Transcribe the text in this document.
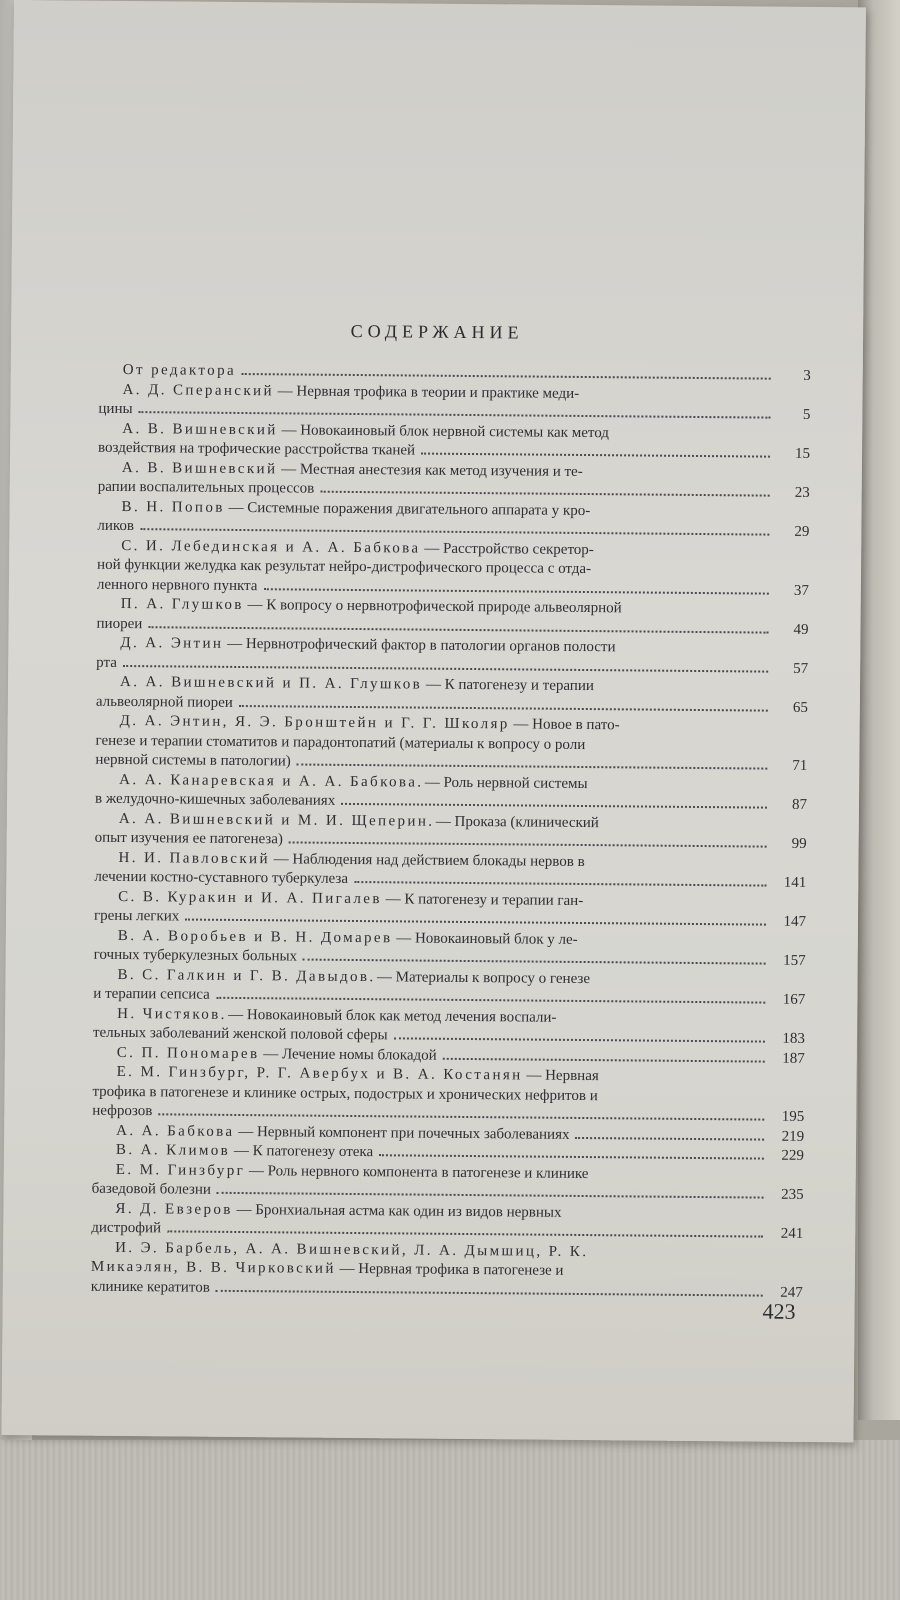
СОДЕРЖАНИЕ
От редактора	3
А. Д. Сперанский — Нервная трофика в теории и практике меди-
цины	5
А. В. Вишневский — Новокаиновый блок нервной системы как метод
воздействия на трофические расстройства тканей	15
А. В. Вишневский — Местная анестезия как метод изучения и те-
рапии воспалительных процессов	23
В. Н. Попов — Системные поражения двигательного аппарата у кро-
ликов	29
С. И. Лебединская и А. А. Бабкова — Расстройство секретор-
ной функции желудка как результат нейро-дистрофического процесса с отда-
ленного нервного пункта	37
П. А. Глушков — К вопросу о нервнотрофической природе альвеолярной
пиореи	49
Д. А. Энтин — Нервнотрофический фактор в патологии органов полости
рта	57
А. А. Вишневский и П. А. Глушков — К патогенезу и терапии
альвеолярной пиореи	65
Д. А. Энтин, Я. Э. Бронштейн и Г. Г. Школяр — Новое в пато-
генезе и терапии стоматитов и парадонтопатий (материалы к вопросу о роли
нервной системы в патологии)	71
А. А. Канаревская и А. А. Бабкова. — Роль нервной системы
в желудочно-кишечных заболеваниях	87
А. А. Вишневский и М. И. Щеперин. — Проказа (клинический
опыт изучения ее патогенеза)	99
Н. И. Павловский — Наблюдения над действием блокады нервов в
лечении костно-суставного туберкулеза	141
С. В. Куракин и И. А. Пигалев — К патогенезу и терапии ган-
грены легких	147
В. А. Воробьев и В. Н. Домарев — Новокаиновый блок у ле-
гочных туберкулезных больных	157
В. С. Галкин и Г. В. Давыдов. — Материалы к вопросу о генезе
и терапии сепсиса	167
Н. Чистяков. — Новокаиновый блок как метод лечения воспали-
тельных заболеваний женской половой сферы	183
С. П. Пономарев — Лечение номы блокадой	187
Е. М. Гинзбург, Р. Г. Авербух и В. А. Костанян — Нервная
трофика в патогенезе и клинике острых, подострых и хронических нефритов и
нефрозов	195
А. А. Бабкова — Нервный компонент при почечных заболеваниях	219
В. А. Климов — К патогенезу отека	229
Е. М. Гинзбург — Роль нервного компонента в патогенезе и клинике
базедовой болезни	235
Я. Д. Евзеров — Бронхиальная астма как один из видов нервных
дистрофий	241
И. Э. Барбель, А. А. Вишневский, Л. А. Дымшиц, Р. К.
Микаэлян, В. В. Чирковский — Нервная трофика в патогенезе и
клинике кератитов	247
423
